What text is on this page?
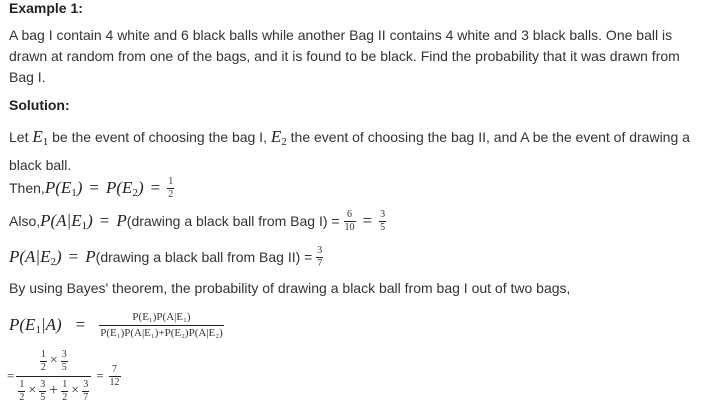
Example 1:
A bag I contain 4 white and 6 black balls while another Bag II contains 4 white and 3 black balls. One ball is drawn at random from one of the bags, and it is found to be black. Find the probability that it was drawn from Bag I.
Solution:
Let $E_1$ be the event of choosing the bag I, $E_2$ the event of choosing the bag II, and A be the event of drawing a black ball.
Then, $P(E_1) = P(E_2) = \frac{1}{2}$
Also, $P(A|E_1) = P$ (drawing a black ball from Bag $I) = \frac{6}{10} = \frac{3}{5}$
$P(A|E_2) = P$ (drawing a black ball from Bag $II) = \frac{3}{7}$
By using Bayes' theorem, the probability of drawing a black ball from bag I out of two bags,
$P(E_1|A) = \frac{\text{P(E₁)P(A|E₁)}}{\text{P(E₁)P(A|E₁)+P(E₂)P(A|E₂)}}$
= $\frac{\frac{1}{2} \times \frac{3}{5}}{\frac{1}{2} \times \frac{3}{5} + \frac{1}{2} \times \frac{3}{7}} = \frac{7}{12}$
